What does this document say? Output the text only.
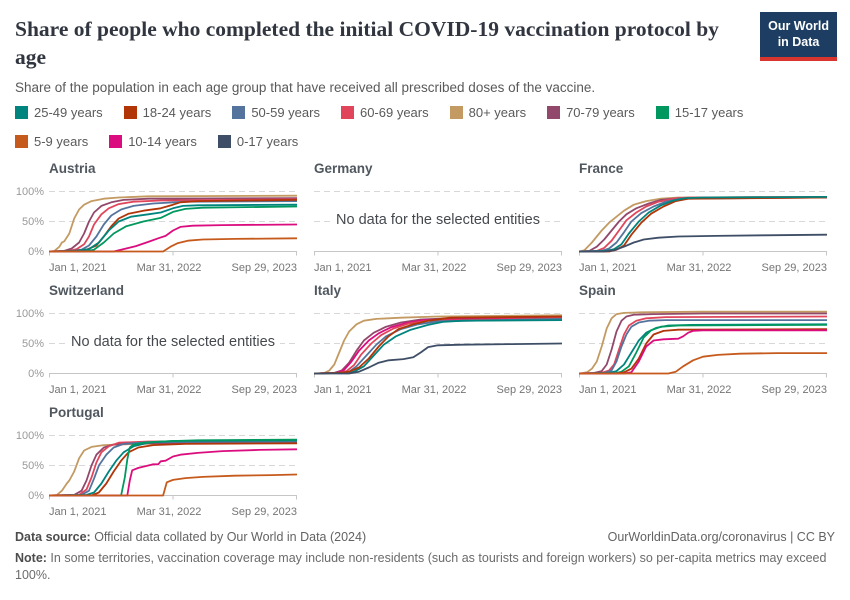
Share of people who completed the initial COVID-19 vaccination protocol by age
Our World
in Data

Share of the population in each age group that have received all prescribed doses of the vaccine.

25-49 years	18-24 years	50-59 years	60-69 years	80+ years	70-79 years	15-17 years
5-9 years	10-14 years	0-17 years
Austria
100%
50%
0%
Jan 1, 2021	Mar 31, 2022	Sep 29, 2023
Germany
No data for the selected entities
Jan 1, 2021	Mar 31, 2022	Sep 29, 2023
France
Jan 1, 2021	Mar 31, 2022	Sep 29, 2023
Switzerland
100%
50%
0%
No data for the selected entities
Jan 1, 2021	Mar 31, 2022	Sep 29, 2023
Italy
Jan 1, 2021	Mar 31, 2022	Sep 29, 2023
Spain
Jan 1, 2021	Mar 31, 2022	Sep 29, 2023
Portugal
100%
50%
0%
Jan 1, 2021	Mar 31, 2022	Sep 29, 2023
Data source: Official data collated by Our World in Data (2024)	OurWorldinData.org/coronavirus | CC BY
Note: In some territories, vaccination coverage may include non-residents (such as tourists and foreign workers) so per-capita metrics may exceed 100%.
